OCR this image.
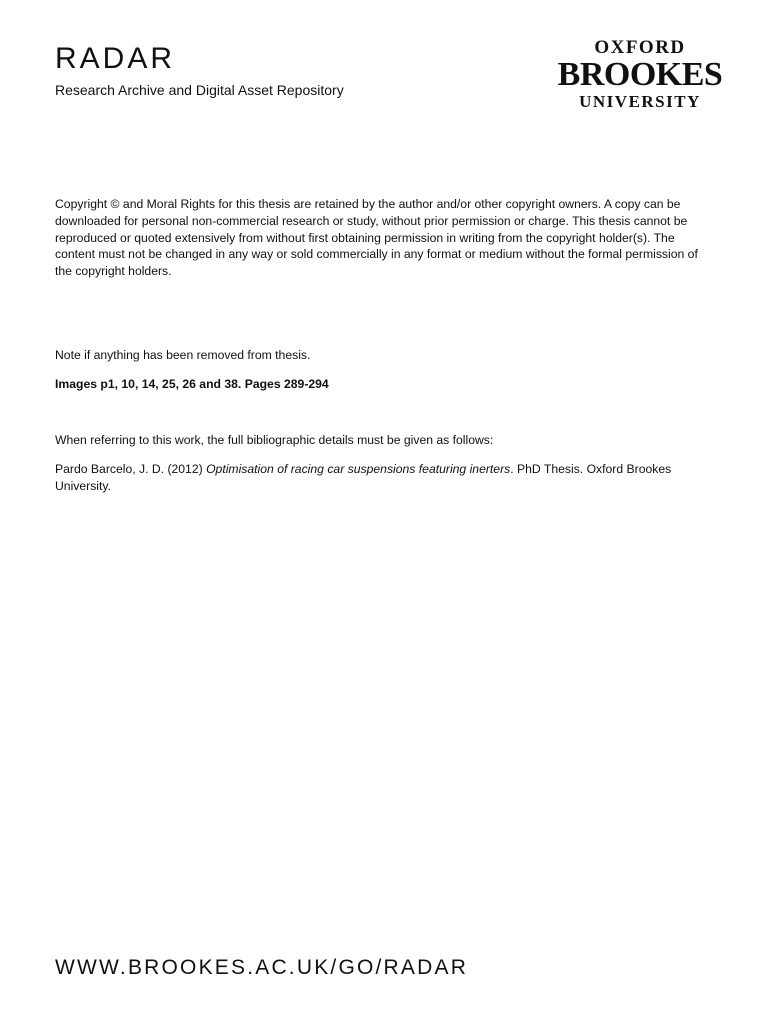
RADAR
Research Archive and Digital Asset Repository
OXFORD
BROOKES
UNIVERSITY

Copyright © and Moral Rights for this thesis are retained by the author and/or other copyright owners. A copy can be downloaded for personal non-commercial research or study, without prior permission or charge. This thesis cannot be reproduced or quoted extensively from without first obtaining permission in writing from the copyright holder(s). The content must not be changed in any way or sold commercially in any format or medium without the formal permission of the copyright holders.

Note if anything has been removed from thesis.

Images p1, 10, 14, 25, 26 and 38. Pages 289-294

When referring to this work, the full bibliographic details must be given as follows:

Pardo Barcelo, J. D. (2012) Optimisation of racing car suspensions featuring inerters. PhD Thesis. Oxford Brookes University.

WWW.BROOKES.AC.UK/GO/RADAR
